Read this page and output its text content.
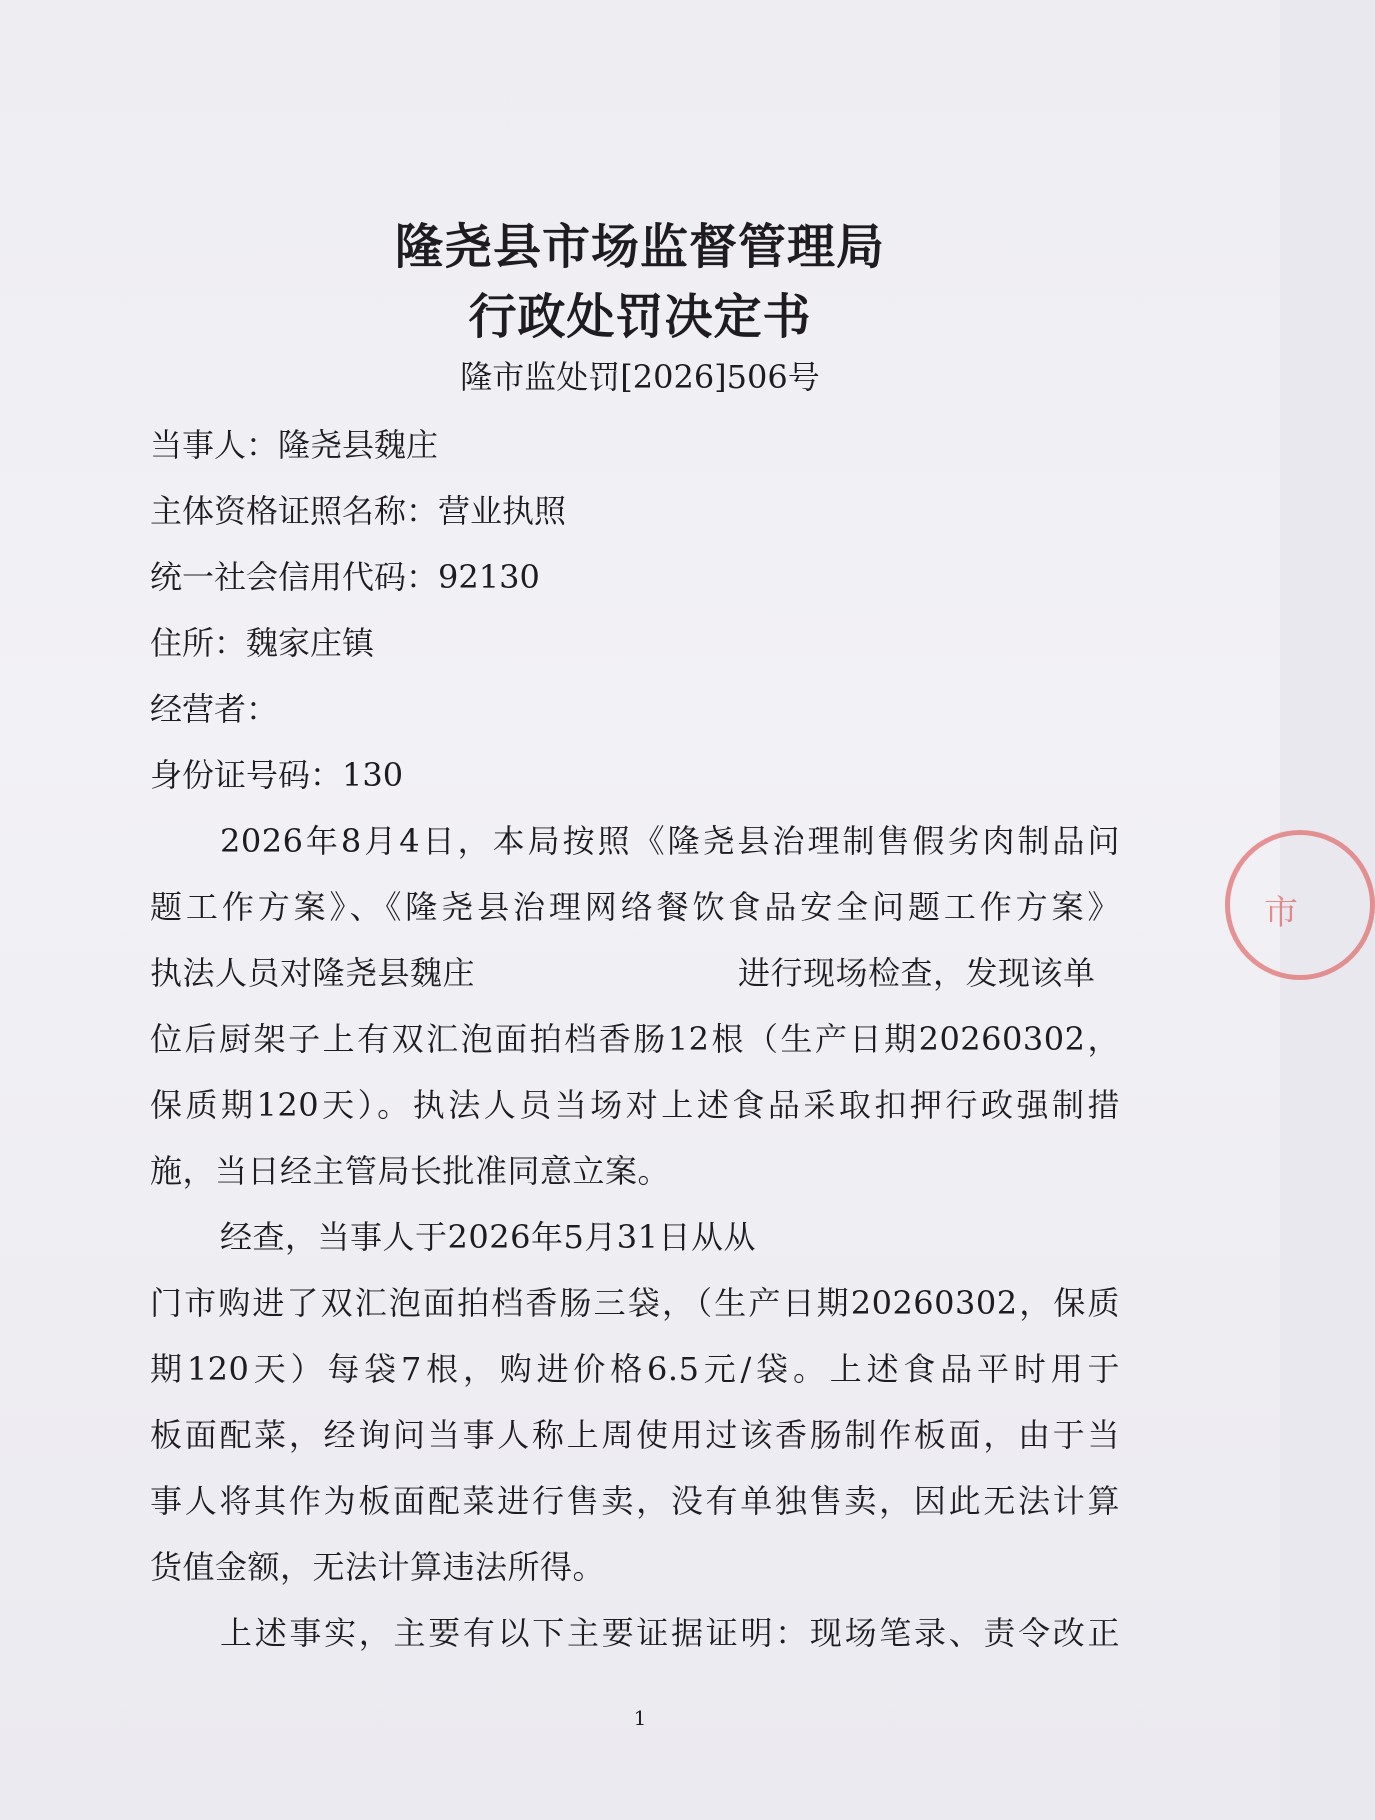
市
隆尧县市场监督管理局
行政处罚决定书
隆市监处罚[2026]506号
当事人：隆尧县魏庄
主体资格证照名称：营业执照
统一社会信用代码：92130
住所：魏家庄镇
经营者：
身份证号码：130
2026年8月4日，本局按照《隆尧县治理制售假劣肉制品问
题工作方案》、《隆尧县治理网络餐饮食品安全问题工作方案》
执法人员对隆尧县魏庄	进行现场检查，发现该单
位后厨架子上有双汇泡面拍档香肠12根（生产日期20260302，
保质期120天）。执法人员当场对上述食品采取扣押行政强制措
施，当日经主管局长批准同意立案。
经查，当事人于2026年5月31日从从
门市购进了双汇泡面拍档香肠三袋，（生产日期20260302，保质
期120天）每袋7根，购进价格6.5元/袋。上述食品平时用于
板面配菜，经询问当事人称上周使用过该香肠制作板面，由于当
事人将其作为板面配菜进行售卖，没有单独售卖，因此无法计算
货值金额，无法计算违法所得。
上述事实，主要有以下主要证据证明：现场笔录、责令改正
1
